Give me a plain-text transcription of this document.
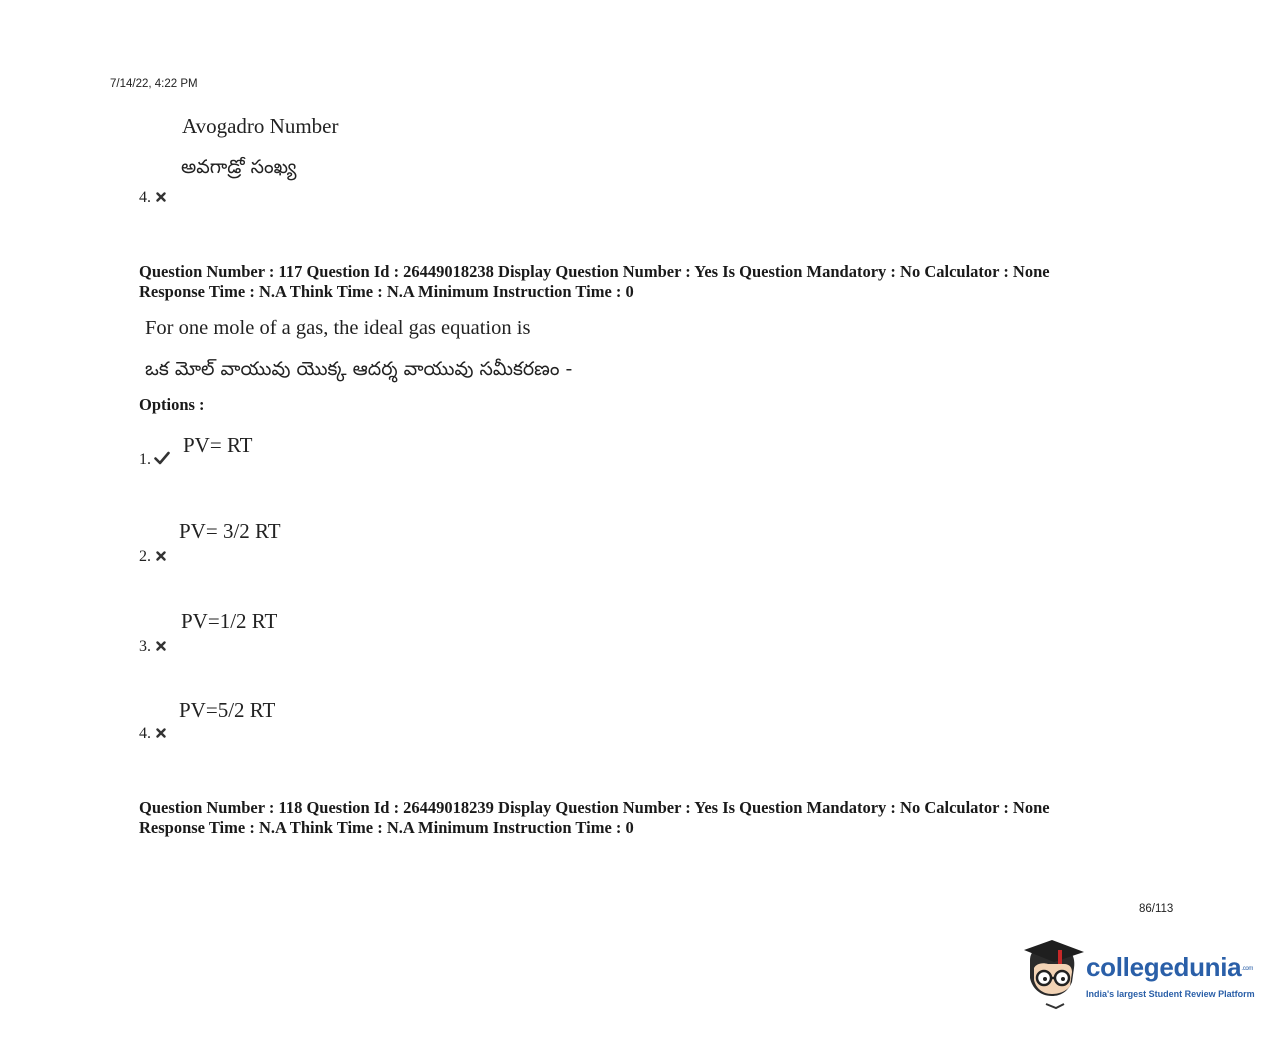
7/14/22, 4:22 PM
Avogadro Number
అవగాడ్రో సంఖ్య
4.
Question Number : 117 Question Id : 26449018238 Display Question Number : Yes Is Question Mandatory : No Calculator : None
Response Time : N.A Think Time : N.A Minimum Instruction Time : 0
For one mole of a gas, the ideal gas equation is
ఒక మోల్ వాయువు యొక్క ఆదర్శ వాయువు సమీకరణం -
Options :
PV= RT
1.
PV= 3/2 RT
2.
PV=1/2 RT
3.
PV=5/2 RT
4.
Question Number : 118 Question Id : 26449018239 Display Question Number : Yes Is Question Mandatory : No Calculator : None
Response Time : N.A Think Time : N.A Minimum Instruction Time : 0
86/113
collegedunia.com
India's largest Student Review Platform
